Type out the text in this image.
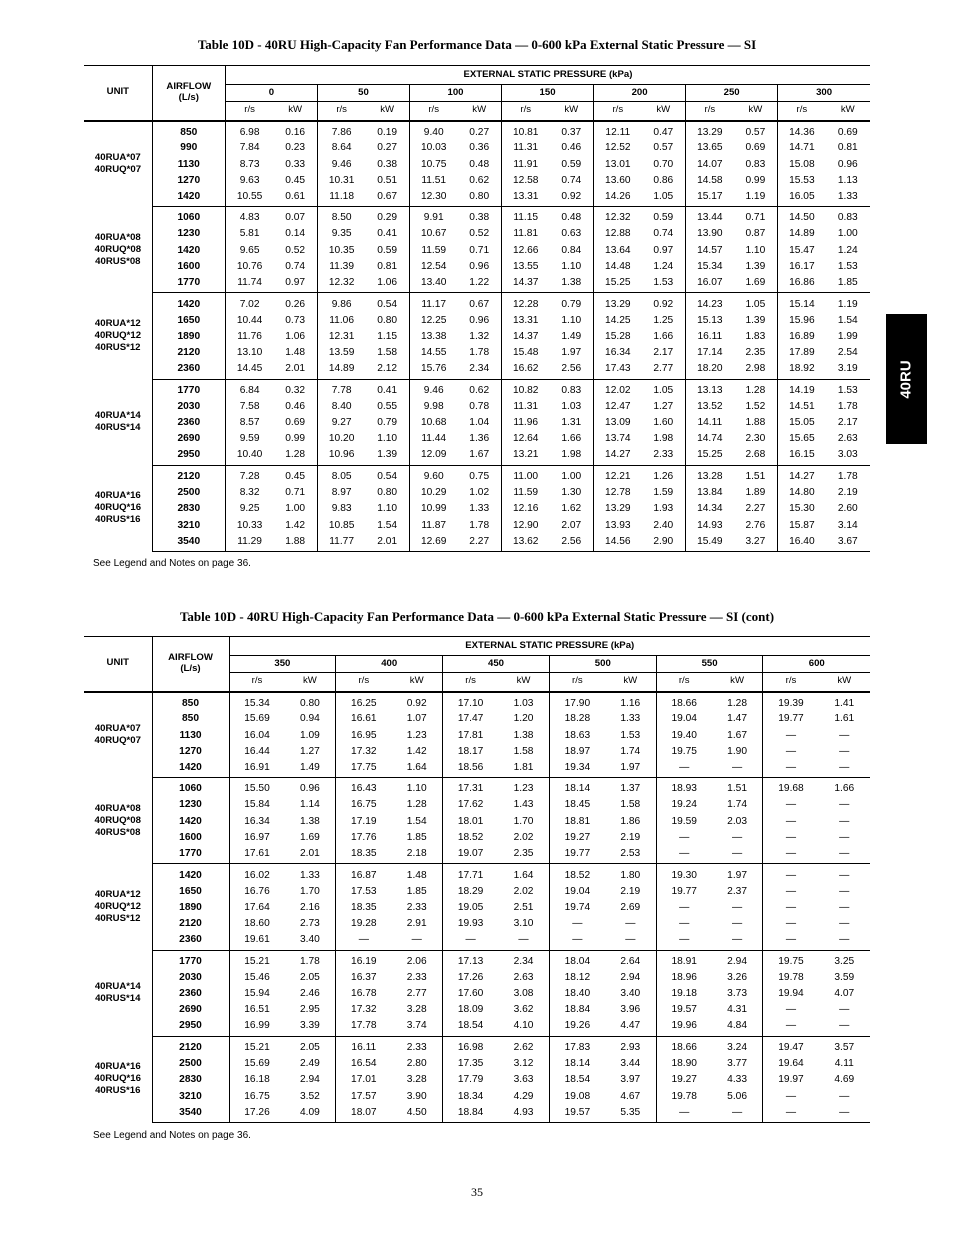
Table 10D - 40RU High-Capacity Fan Performance Data — 0-600 kPa External Static Pressure — SI
UNIT	AIRFLOW
(L/s)	EXTERNAL STATIC PRESSURE (kPa)													
		0		50		100		150		200		250		300	
		r/s	kW	r/s	kW	r/s	kW	r/s	kW	r/s	kW	r/s	kW	r/s	kW
40RUA*07
40RUQ*07	850	6.98	0.16	7.86	0.19	9.40	0.27	10.81	0.37	12.11	0.47	13.29	0.57	14.36	0.69
	990	7.84	0.23	8.64	0.27	10.03	0.36	11.31	0.46	12.52	0.57	13.65	0.69	14.71	0.81
	1130	8.73	0.33	9.46	0.38	10.75	0.48	11.91	0.59	13.01	0.70	14.07	0.83	15.08	0.96
	1270	9.63	0.45	10.31	0.51	11.51	0.62	12.58	0.74	13.60	0.86	14.58	0.99	15.53	1.13
	1420	10.55	0.61	11.18	0.67	12.30	0.80	13.31	0.92	14.26	1.05	15.17	1.19	16.05	1.33
40RUA*08
40RUQ*08
40RUS*08	1060	4.83	0.07	8.50	0.29	9.91	0.38	11.15	0.48	12.32	0.59	13.44	0.71	14.50	0.83
	1230	5.81	0.14	9.35	0.41	10.67	0.52	11.81	0.63	12.88	0.74	13.90	0.87	14.89	1.00
	1420	9.65	0.52	10.35	0.59	11.59	0.71	12.66	0.84	13.64	0.97	14.57	1.10	15.47	1.24
	1600	10.76	0.74	11.39	0.81	12.54	0.96	13.55	1.10	14.48	1.24	15.34	1.39	16.17	1.53
	1770	11.74	0.97	12.32	1.06	13.40	1.22	14.37	1.38	15.25	1.53	16.07	1.69	16.86	1.85
40RUA*12
40RUQ*12
40RUS*12	1420	7.02	0.26	9.86	0.54	11.17	0.67	12.28	0.79	13.29	0.92	14.23	1.05	15.14	1.19
	1650	10.44	0.73	11.06	0.80	12.25	0.96	13.31	1.10	14.25	1.25	15.13	1.39	15.96	1.54
	1890	11.76	1.06	12.31	1.15	13.38	1.32	14.37	1.49	15.28	1.66	16.11	1.83	16.89	1.99
	2120	13.10	1.48	13.59	1.58	14.55	1.78	15.48	1.97	16.34	2.17	17.14	2.35	17.89	2.54
	2360	14.45	2.01	14.89	2.12	15.76	2.34	16.62	2.56	17.43	2.77	18.20	2.98	18.92	3.19
40RUA*14
40RUS*14	1770	6.84	0.32	7.78	0.41	9.46	0.62	10.82	0.83	12.02	1.05	13.13	1.28	14.19	1.53
	2030	7.58	0.46	8.40	0.55	9.98	0.78	11.31	1.03	12.47	1.27	13.52	1.52	14.51	1.78
	2360	8.57	0.69	9.27	0.79	10.68	1.04	11.96	1.31	13.09	1.60	14.11	1.88	15.05	2.17
	2690	9.59	0.99	10.20	1.10	11.44	1.36	12.64	1.66	13.74	1.98	14.74	2.30	15.65	2.63
	2950	10.40	1.28	10.96	1.39	12.09	1.67	13.21	1.98	14.27	2.33	15.25	2.68	16.15	3.03
40RUA*16
40RUQ*16
40RUS*16	2120	7.28	0.45	8.05	0.54	9.60	0.75	11.00	1.00	12.21	1.26	13.28	1.51	14.27	1.78
	2500	8.32	0.71	8.97	0.80	10.29	1.02	11.59	1.30	12.78	1.59	13.84	1.89	14.80	2.19
	2830	9.25	1.00	9.83	1.10	10.99	1.33	12.16	1.62	13.29	1.93	14.34	2.27	15.30	2.60
	3210	10.33	1.42	10.85	1.54	11.87	1.78	12.90	2.07	13.93	2.40	14.93	2.76	15.87	3.14
	3540	11.29	1.88	11.77	2.01	12.69	2.27	13.62	2.56	14.56	2.90	15.49	3.27	16.40	3.67
See Legend and Notes on page 36.
Table 10D - 40RU High-Capacity Fan Performance Data — 0-600 kPa External Static Pressure — SI (cont)
UNIT	AIRFLOW
(L/s)	EXTERNAL STATIC PRESSURE (kPa)											
		350		400		450		500		550		600	
		r/s	kW	r/s	kW	r/s	kW	r/s	kW	r/s	kW	r/s	kW
40RUA*07
40RUQ*07	850	15.34	0.80	16.25	0.92	17.10	1.03	17.90	1.16	18.66	1.28	19.39	1.41
	850	15.69	0.94	16.61	1.07	17.47	1.20	18.28	1.33	19.04	1.47	19.77	1.61
	1130	16.04	1.09	16.95	1.23	17.81	1.38	18.63	1.53	19.40	1.67	—	—
	1270	16.44	1.27	17.32	1.42	18.17	1.58	18.97	1.74	19.75	1.90	—	—
	1420	16.91	1.49	17.75	1.64	18.56	1.81	19.34	1.97	—	—	—	—
40RUA*08
40RUQ*08
40RUS*08	1060	15.50	0.96	16.43	1.10	17.31	1.23	18.14	1.37	18.93	1.51	19.68	1.66
	1230	15.84	1.14	16.75	1.28	17.62	1.43	18.45	1.58	19.24	1.74	—	—
	1420	16.34	1.38	17.19	1.54	18.01	1.70	18.81	1.86	19.59	2.03	—	—
	1600	16.97	1.69	17.76	1.85	18.52	2.02	19.27	2.19	—	—	—	—
	1770	17.61	2.01	18.35	2.18	19.07	2.35	19.77	2.53	—	—	—	—
40RUA*12
40RUQ*12
40RUS*12	1420	16.02	1.33	16.87	1.48	17.71	1.64	18.52	1.80	19.30	1.97	—	—
	1650	16.76	1.70	17.53	1.85	18.29	2.02	19.04	2.19	19.77	2.37	—	—
	1890	17.64	2.16	18.35	2.33	19.05	2.51	19.74	2.69	—	—	—	—
	2120	18.60	2.73	19.28	2.91	19.93	3.10	—	—	—	—	—	—
	2360	19.61	3.40	—	—	—	—	—	—	—	—	—	—
40RUA*14
40RUS*14	1770	15.21	1.78	16.19	2.06	17.13	2.34	18.04	2.64	18.91	2.94	19.75	3.25
	2030	15.46	2.05	16.37	2.33	17.26	2.63	18.12	2.94	18.96	3.26	19.78	3.59
	2360	15.94	2.46	16.78	2.77	17.60	3.08	18.40	3.40	19.18	3.73	19.94	4.07
	2690	16.51	2.95	17.32	3.28	18.09	3.62	18.84	3.96	19.57	4.31	—	—
	2950	16.99	3.39	17.78	3.74	18.54	4.10	19.26	4.47	19.96	4.84	—	—
40RUA*16
40RUQ*16
40RUS*16	2120	15.21	2.05	16.11	2.33	16.98	2.62	17.83	2.93	18.66	3.24	19.47	3.57
	2500	15.69	2.49	16.54	2.80	17.35	3.12	18.14	3.44	18.90	3.77	19.64	4.11
	2830	16.18	2.94	17.01	3.28	17.79	3.63	18.54	3.97	19.27	4.33	19.97	4.69
	3210	16.75	3.52	17.57	3.90	18.34	4.29	19.08	4.67	19.78	5.06	—	—
	3540	17.26	4.09	18.07	4.50	18.84	4.93	19.57	5.35	—	—	—	—
See Legend and Notes on page 36.
40RU
35
